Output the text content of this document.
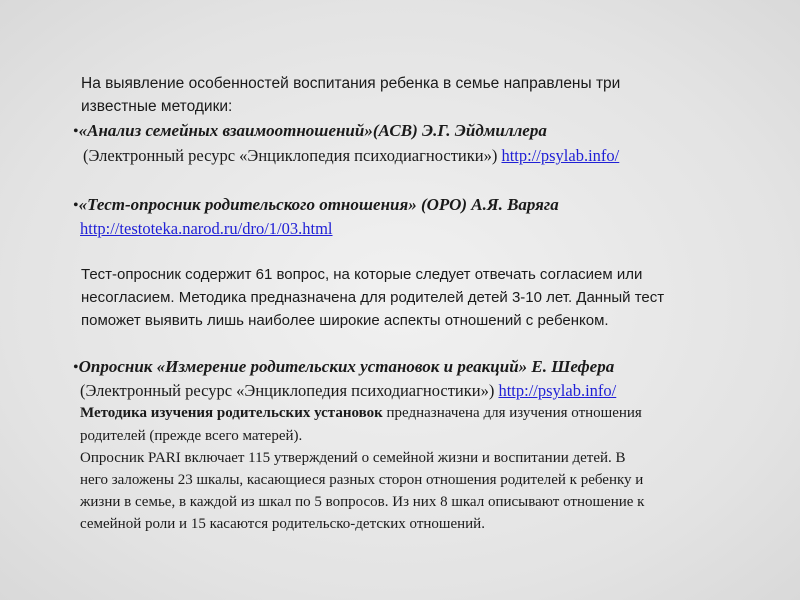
На выявление особенностей воспитания ребенка в семье направлены три
известные методики:
•«Анализ семейных взаимоотношений»(АСВ) Э.Г. Эйдмиллера
(Электронный ресурс «Энциклопедия психодиагностики») http://psylab.info/
•«Тест-опросник родительского отношения» (ОРО) А.Я. Варяга
http://testoteka.narod.ru/dro/1/03.html
Тест-опросник содержит 61 вопрос, на которые следует отвечать согласием или
несогласием. Методика предназначена для родителей детей 3-10 лет. Данный тест
поможет выявить лишь наиболее широкие аспекты отношений с ребенком.
•Опросник «Измерение родительских установок и реакций» Е. Шефера
(Электронный ресурс «Энциклопедия психодиагностики») http://psylab.info/
Методика изучения родительских установок предназначена для изучения отношения
родителей (прежде всего матерей).
Опросник PARI включает 115 утверждений о семейной жизни и воспитании детей. В
него заложены 23 шкалы, касающиеся разных сторон отношения родителей к ребенку и
жизни в семье, в каждой из шкал по 5 вопросов. Из них 8 шкал описывают отношение к
семейной роли и 15 касаются родительско-детских отношений.
